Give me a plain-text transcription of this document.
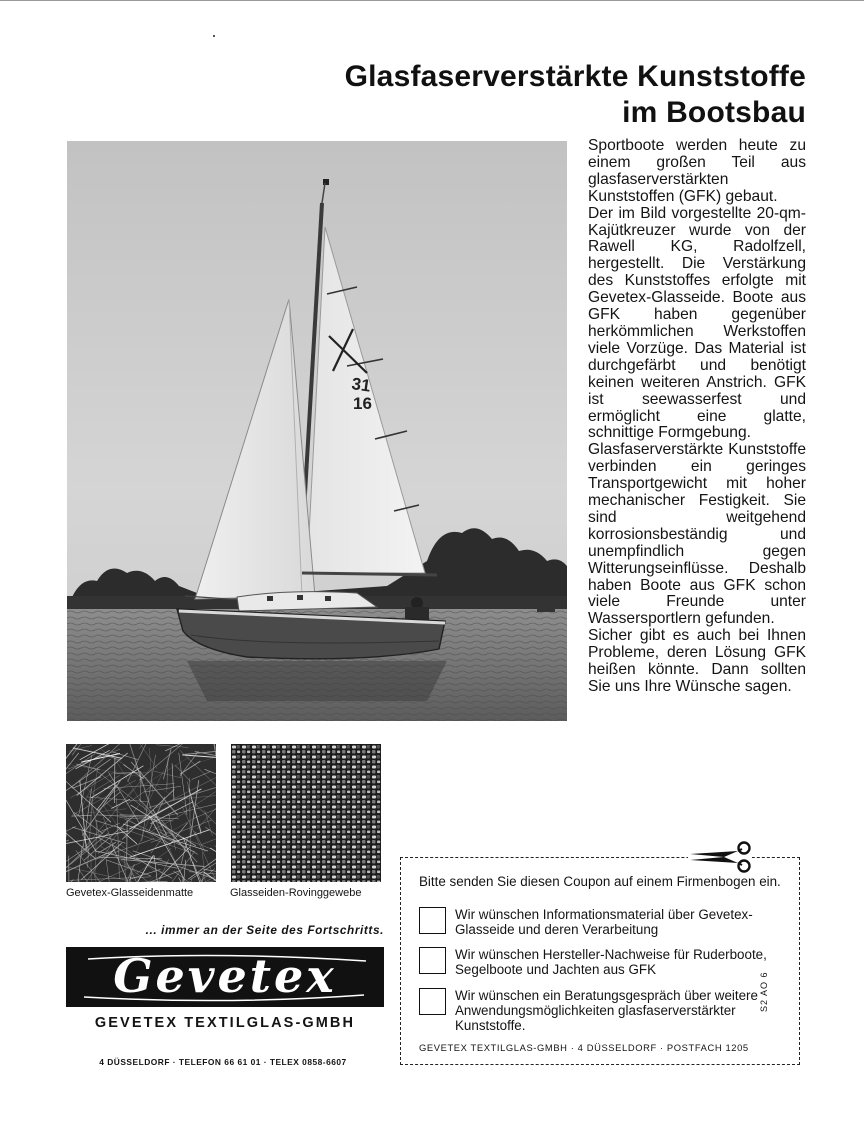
Glasfaserverstärkte Kunststoffe
im Bootsbau
31
16

Sportboote werden heute zu einem großen Teil aus glasfaserverstärkten Kunststoffen (GFK) gebaut.

Der im Bild vorgestellte 20-qm-Kajütkreuzer wurde von der Rawell KG, Radolfzell, hergestellt. Die Verstärkung des Kunststoffes erfolgte mit Gevetex-Glasseide. Boote aus GFK haben gegenüber herkömmlichen Werkstoffen viele Vorzüge. Das Material ist durchgefärbt und benötigt keinen weiteren Anstrich. GFK ist seewasserfest und ermöglicht eine glatte, schnittige Formgebung.

Glasfaserverstärkte Kunststoffe verbinden ein geringes Transportgewicht mit hoher mechanischer Festigkeit. Sie sind weitgehend korrosionsbeständig und unempfindlich gegen Witterungseinflüsse. Deshalb haben Boote aus GFK schon viele Freunde unter Wassersportlern gefunden.

Sicher gibt es auch bei Ihnen Probleme, deren Lösung GFK heißen könnte. Dann sollten Sie uns Ihre Wünsche sagen.

Gevetex-Glasseidenmatte	Glasseiden-Rovinggewebe
... immer an der Seite des Fortschritts.
Gevetex
GEVETEX TEXTILGLAS-GMBH
4 DÜSSELDORF · TELEFON 66 61 01 · TELEX 0858-6607
Bitte senden Sie diesen Coupon auf einem Firmenbogen ein.
Wir wünschen Informationsmaterial über Gevetex-Glasseide und deren Verarbeitung
Wir wünschen Hersteller-Nachweise für Ruderboote, Segelboote und Jachten aus GFK
Wir wünschen ein Beratungsgespräch über weitere Anwendungsmöglichkeiten glasfaserverstärkter Kunststoffe.
S2 AO 6
GEVETEX TEXTILGLAS-GMBH · 4 DÜSSELDORF · POSTFACH 1205
